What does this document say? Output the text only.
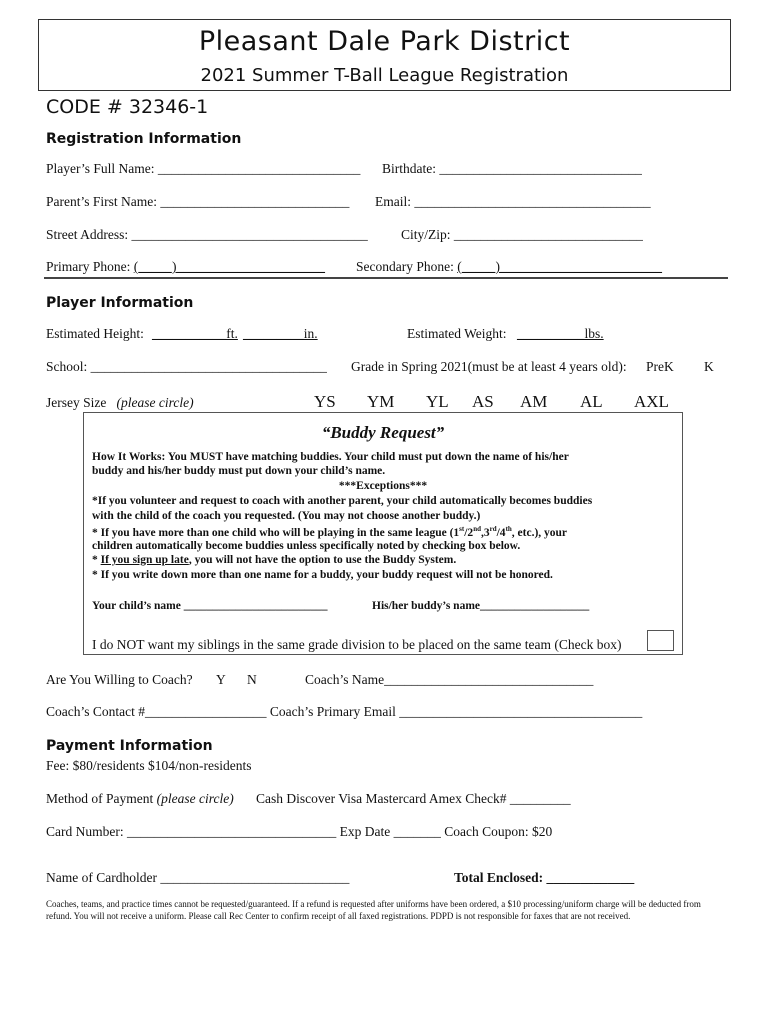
Pleasant Dale Park District
2021 Summer T-Ball League Registration
CODE # 32346-1
Registration Information
Player’s Full Name: ______________________________ Birthdate: ______________________________
Parent’s First Name: ____________________________ Email: ___________________________________
Street Address: ___________________________________ City/Zip: ____________________________
Primary Phone: (_____)______________________ Secondary Phone: (_____)________________________
Player Information
Estimated Height: ___________ft. _________in.	Estimated Weight: __________lbs.
School: ___________________________________ Grade in Spring 2021(must be at least 4 years old): PreK K
Jersey Size (please circle)	YS YM YL AS AM AL AXL
“Buddy Request”
How It Works: You MUST have matching buddies. Your child must put down the name of his/her
buddy and his/her buddy must put down your child’s name.
***Exceptions***
*If you volunteer and request to coach with another parent, your child automatically becomes buddies
with the child of the coach you requested. (You may not choose another buddy.)
* If you have more than one child who will be playing in the same league (1st/2nd,3rd/4th, etc.), your
children automatically become buddies unless specifically noted by checking box below.
* If you sign up late, you will not have the option to use the Buddy System.
* If you write down more than one name for a buddy, your buddy request will not be honored.
Your child’s name _________________________	His/her buddy’s name___________________
I do NOT want my siblings in the same grade division to be placed on the same team (Check box)
Are You Willing to Coach? Y N	Coach’s Name_______________________________
Coach’s Contact #__________________ Coach’s Primary Email ____________________________________
Payment Information
Fee: $80/residents $104/non-residents
Method of Payment (please circle) Cash Discover Visa Mastercard Amex Check# _________
Card Number: _______________________________ Exp Date _______ Coach Coupon: $20
Name of Cardholder ____________________________	Total Enclosed: _____________
Coaches, teams, and practice times cannot be requested/guaranteed. If a refund is requested after uniforms have been ordered, a $10 processing/uniform charge will be deducted from refund. You will not receive a uniform. Please call Rec Center to confirm receipt of all faxed registrations. PDPD is not responsible for faxes that are not received.
